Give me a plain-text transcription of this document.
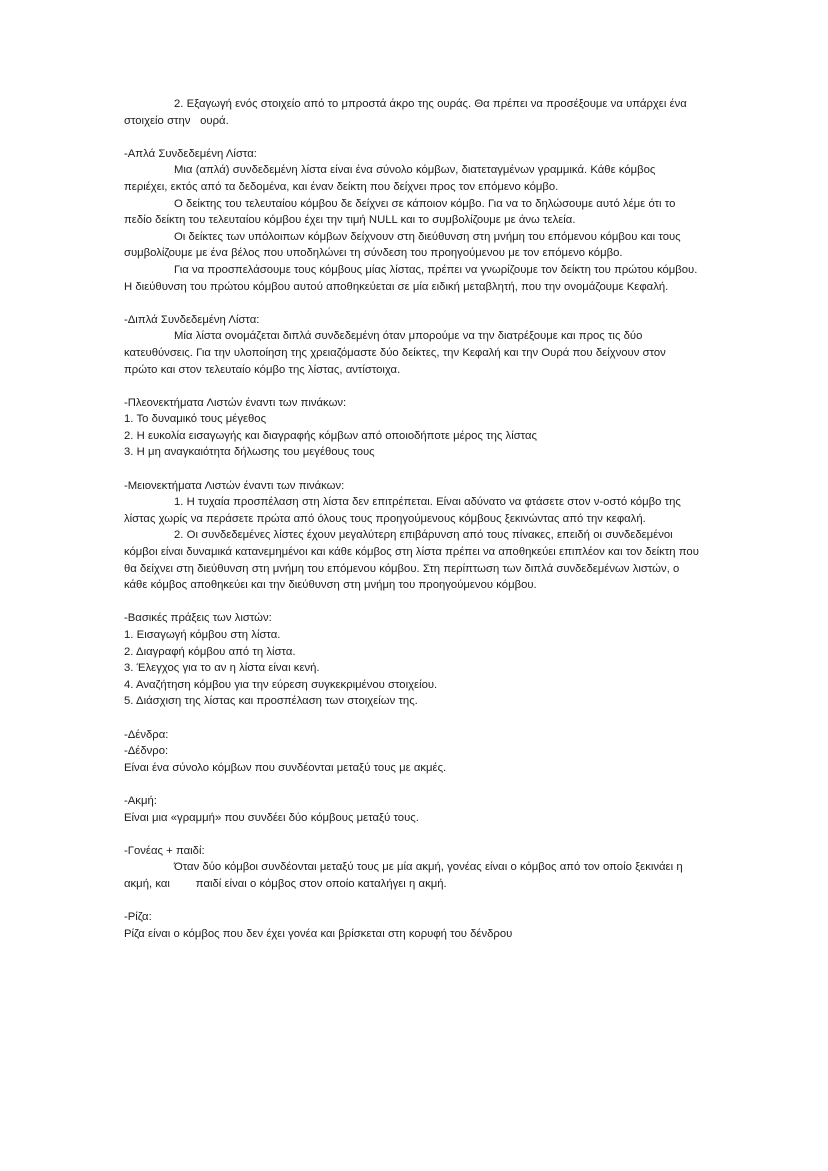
2. Εξαγωγή ενός στοιχείο από το μπροστά άκρο της ουράς. Θα πρέπει να προσέξουμε να υπάρχει ένα στοιχείο στην   ουρά.

-Απλά Συνδεδεμένη Λίστα:

Μια (απλά) συνδεδεμένη λίστα είναι ένα σύνολο κόμβων, διατεταγμένων γραμμικά. Κάθε κόμβος περιέχει, εκτός από τα δεδομένα, και έναν δείκτη που δείχνει προς τον επόμενο κόμβο.

Ο δείκτης του τελευταίου κόμβου δε δείχνει σε κάποιον κόμβο. Για να το δηλώσουμε αυτό λέμε ότι το πεδίο δείκτη του τελευταίου κόμβου έχει την τιμή NULL και το συμβολίζουμε με άνω τελεία.

Οι δείκτες των υπόλοιπων κόμβων δείχνουν στη διεύθυνση στη μνήμη του επόμενου κόμβου και τους συμβολίζουμε με ένα βέλος που υποδηλώνει τη σύνδεση του προηγούμενου με τον επόμενο κόμβο.

Για να προσπελάσουμε τους κόμβους μίας λίστας, πρέπει να γνωρίζουμε τον δείκτη του πρώτου κόμβου. Η διεύθυνση του πρώτου κόμβου αυτού αποθηκεύεται σε μία ειδική μεταβλητή, που την ονομάζουμε Κεφαλή.

-Διπλά Συνδεδεμένη Λίστα:

Μία λίστα ονομάζεται διπλά συνδεδεμένη όταν μπορούμε να την διατρέξουμε και προς τις δύο κατευθύνσεις. Για την υλοποίηση της χρειαζόμαστε δύο δείκτες, την Κεφαλή και την Ουρά που δείχνουν στον πρώτο και στον τελευταίο κόμβο της λίστας, αντίστοιχα.

-Πλεονεκτήματα Λιστών έναντι των πινάκων:

1. Το δυναμικό τους μέγεθος

2. Η ευκολία εισαγωγής και διαγραφής κόμβων από οποιοδήποτε μέρος της λίστας

3. Η μη αναγκαιότητα δήλωσης του μεγέθους τους

-Μειονεκτήματα Λιστών έναντι των πινάκων:

1. Η τυχαία προσπέλαση στη λίστα δεν επιτρέπεται. Είναι αδύνατο να φτάσετε στον ν-οστό κόμβο της λίστας χωρίς να περάσετε πρώτα από όλους τους προηγούμενους κόμβους ξεκινώντας από την κεφαλή.

2. Οι συνδεδεμένες λίστες έχουν μεγαλύτερη επιβάρυνση από τους πίνακες, επειδή οι συνδεδεμένοι κόμβοι είναι δυναμικά κατανεμημένοι και κάθε κόμβος στη λίστα πρέπει να αποθηκεύει επιπλέον και τον δείκτη που θα δείχνει στη διεύθυνση στη μνήμη του επόμενου κόμβου. Στη περίπτωση των διπλά συνδεδεμένων λιστών, ο κάθε κόμβος αποθηκεύει και την διεύθυνση στη μνήμη του προηγούμενου κόμβου.

-Βασικές πράξεις των λιστών:

1. Εισαγωγή κόμβου στη λίστα.

2. Διαγραφή κόμβου από τη λίστα.

3. Έλεγχος για το αν η λίστα είναι κενή.

4. Αναζήτηση κόμβου για την εύρεση συγκεκριμένου στοιχείου.

5. Διάσχιση της λίστας και προσπέλαση των στοιχείων της.

-Δένδρα:

-Δέδνρο:

Είναι ένα σύνολο κόμβων που συνδέονται μεταξύ τους με ακμές.

-Ακμή:

Είναι μια «γραμμή» που συνδέει δύο κόμβους μεταξύ τους.

-Γονέας + παιδί:

Όταν δύο κόμβοι συνδέονται μεταξύ τους με μία ακμή, γονέας είναι ο κόμβος από τον οποίο ξεκινάει η ακμή, και        παιδί είναι ο κόμβος στον οποίο καταλήγει η ακμή.

-Ρίζα:

Ρίζα είναι ο κόμβος που δεν έχει γονέα και βρίσκεται στη κορυφή του δένδρου
